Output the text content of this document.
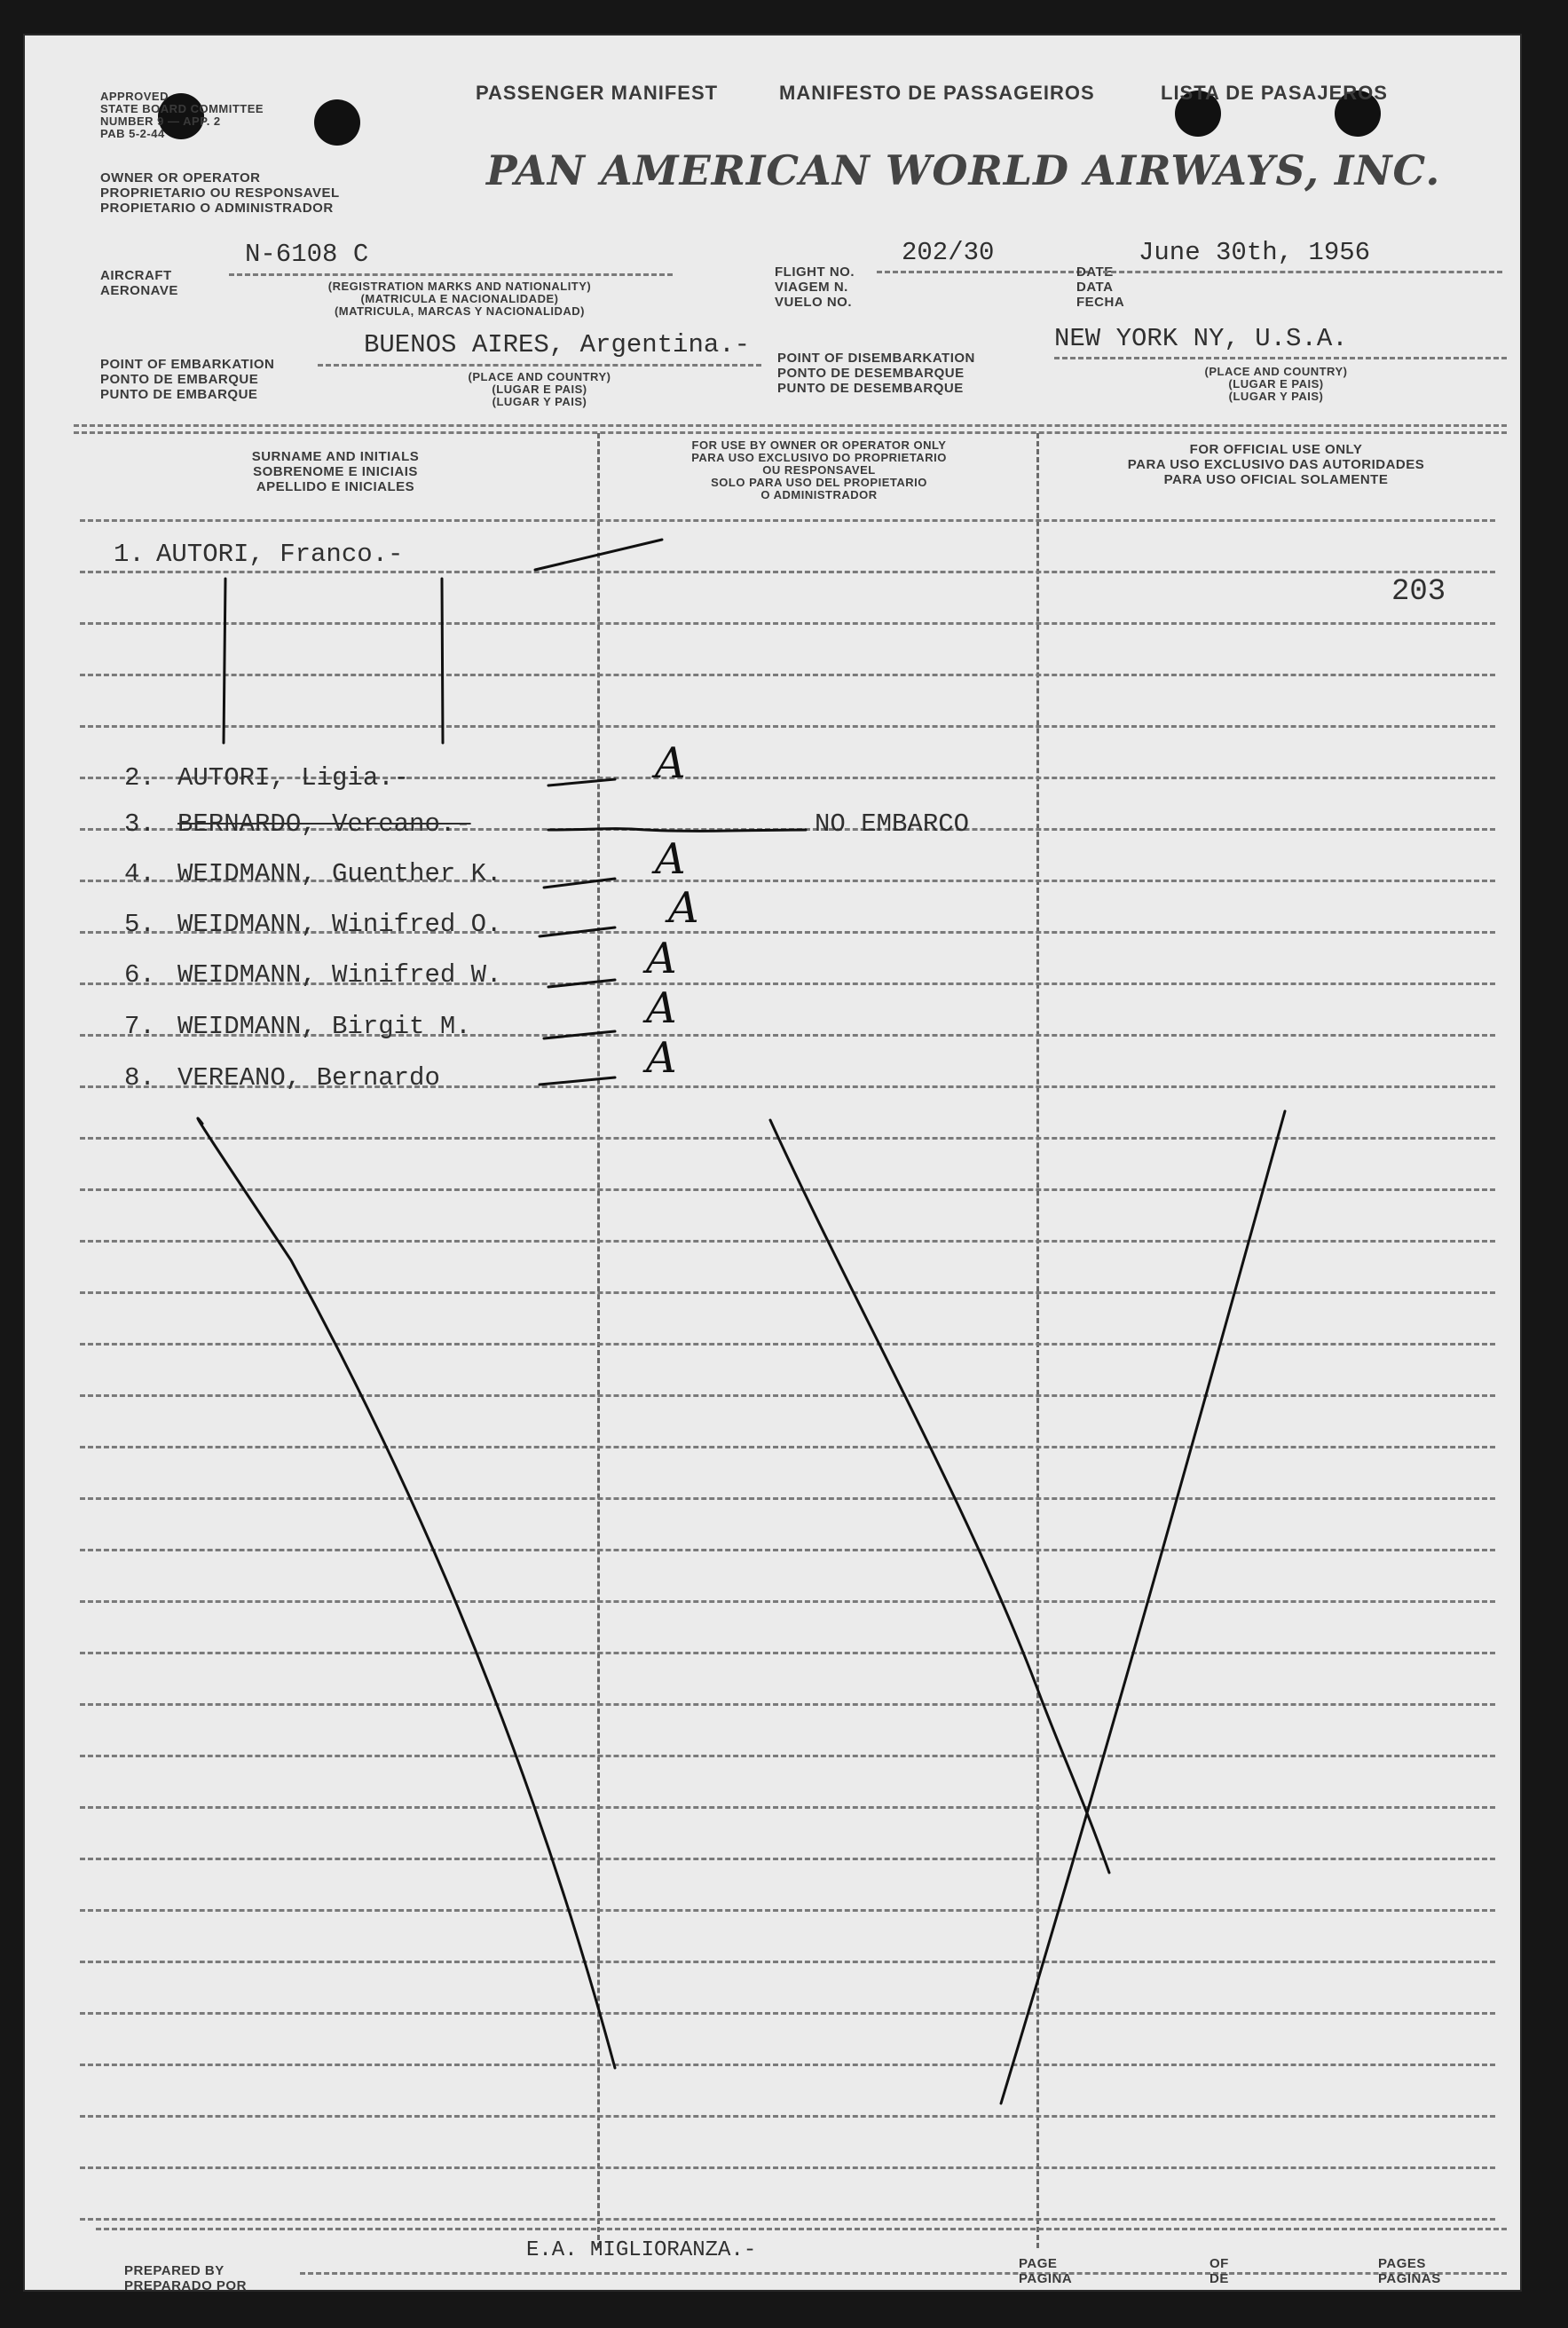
APPROVED
STATE BOARD COMMITTEE
NUMBER 9 — APP. 2
PAB 5-2-44
PASSENGER MANIFEST	MANIFESTO DE PASSAGEIROS	LISTA DE PASAJEROS
OWNER OR OPERATOR
PROPRIETARIO OU RESPONSAVEL
PROPIETARIO O ADMINISTRADOR
PAN AMERICAN WORLD AIRWAYS, INC.
AIRCRAFT
AERONAVE
N-6108 C
(REGISTRATION MARKS AND NATIONALITY)
(MATRICULA E NACIONALIDADE)
(MATRICULA, MARCAS Y NACIONALIDAD)
FLIGHT NO.
VIAGEM N.
VUELO NO.
202/30
DATE
DATA
FECHA
June 30th, 1956
POINT OF EMBARKATION
PONTO DE EMBARQUE
PUNTO DE EMBARQUE
BUENOS AIRES, Argentina.-
(PLACE AND COUNTRY)
(LUGAR E PAIS)
(LUGAR Y PAIS)
POINT OF DISEMBARKATION
PONTO DE DESEMBARQUE
PUNTO DE DESEMBARQUE
NEW YORK NY, U.S.A.
(PLACE AND COUNTRY)
(LUGAR E PAIS)
(LUGAR Y PAIS)
SURNAME AND INITIALS
SOBRENOME E INICIAIS
APELLIDO E INICIALES
FOR USE BY OWNER OR OPERATOR ONLY
PARA USO EXCLUSIVO DO PROPRIETARIO
OU RESPONSAVEL
SOLO PARA USO DEL PROPIETARIO
O ADMINISTRADOR
FOR OFFICIAL USE ONLY
PARA USO EXCLUSIVO DAS AUTORIDADES
PARA USO OFICIAL SOLAMENTE
203
1. AUTORI, Franco.-
2. AUTORI, Ligia.-	A
3. BERNARDO, Vereano.-	NO EMBARCO
4. WEIDMANN, Guenther K.	A
5. WEIDMANN, Winifred O.	A
6. WEIDMANN, Winifred W.	A
7. WEIDMANN, Birgit M.	A
8. VEREANO, Bernardo	A
E.A. MIGLIORANZA.-
PREPARED BY
PREPARADO POR
PAGE
PAGINA
OF
DE
PAGES
PAGINAS
